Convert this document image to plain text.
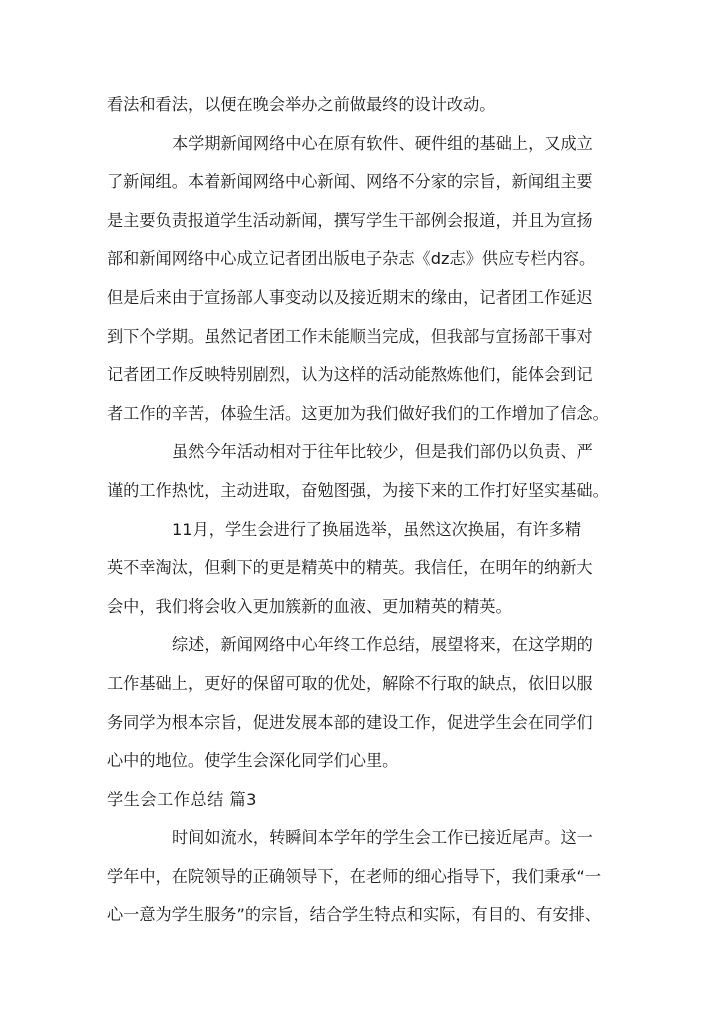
看法和看法，以便在晚会举办之前做最终的设计改动。
本学期新闻网络中心在原有软件、硬件组的基础上，又成立
了新闻组。本着新闻网络中心新闻、网络不分家的宗旨，新闻组主要
是主要负责报道学生活动新闻，撰写学生干部例会报道，并且为宣扬
部和新闻网络中心成立记者团出版电子杂志《dz志》供应专栏内容。
但是后来由于宣扬部人事变动以及接近期末的缘由，记者团工作延迟
到下个学期。虽然记者团工作未能顺当完成，但我部与宣扬部干事对
记者团工作反映特别剧烈，认为这样的活动能熬炼他们，能体会到记
者工作的辛苦，体验生活。这更加为我们做好我们的工作增加了信念。
虽然今年活动相对于往年比较少，但是我们部仍以负责、严
谨的工作热忱，主动进取，奋勉图强，为接下来的工作打好坚实基础。
11月，学生会进行了换届选举，虽然这次换届，有许多精
英不幸淘汰，但剩下的更是精英中的精英。我信任，在明年的纳新大
会中，我们将会收入更加簇新的血液、更加精英的精英。
综述，新闻网络中心年终工作总结，展望将来，在这学期的
工作基础上，更好的保留可取的优处，解除不行取的缺点，依旧以服
务同学为根本宗旨，促进发展本部的建设工作，促进学生会在同学们
心中的地位。使学生会深化同学们心里。
学生会工作总结 篇3
时间如流水，转瞬间本学年的学生会工作已接近尾声。这一
学年中，在院领导的正确领导下，在老师的细心指导下，我们秉承“一
心一意为学生服务”的宗旨，结合学生特点和实际，有目的、有安排、
